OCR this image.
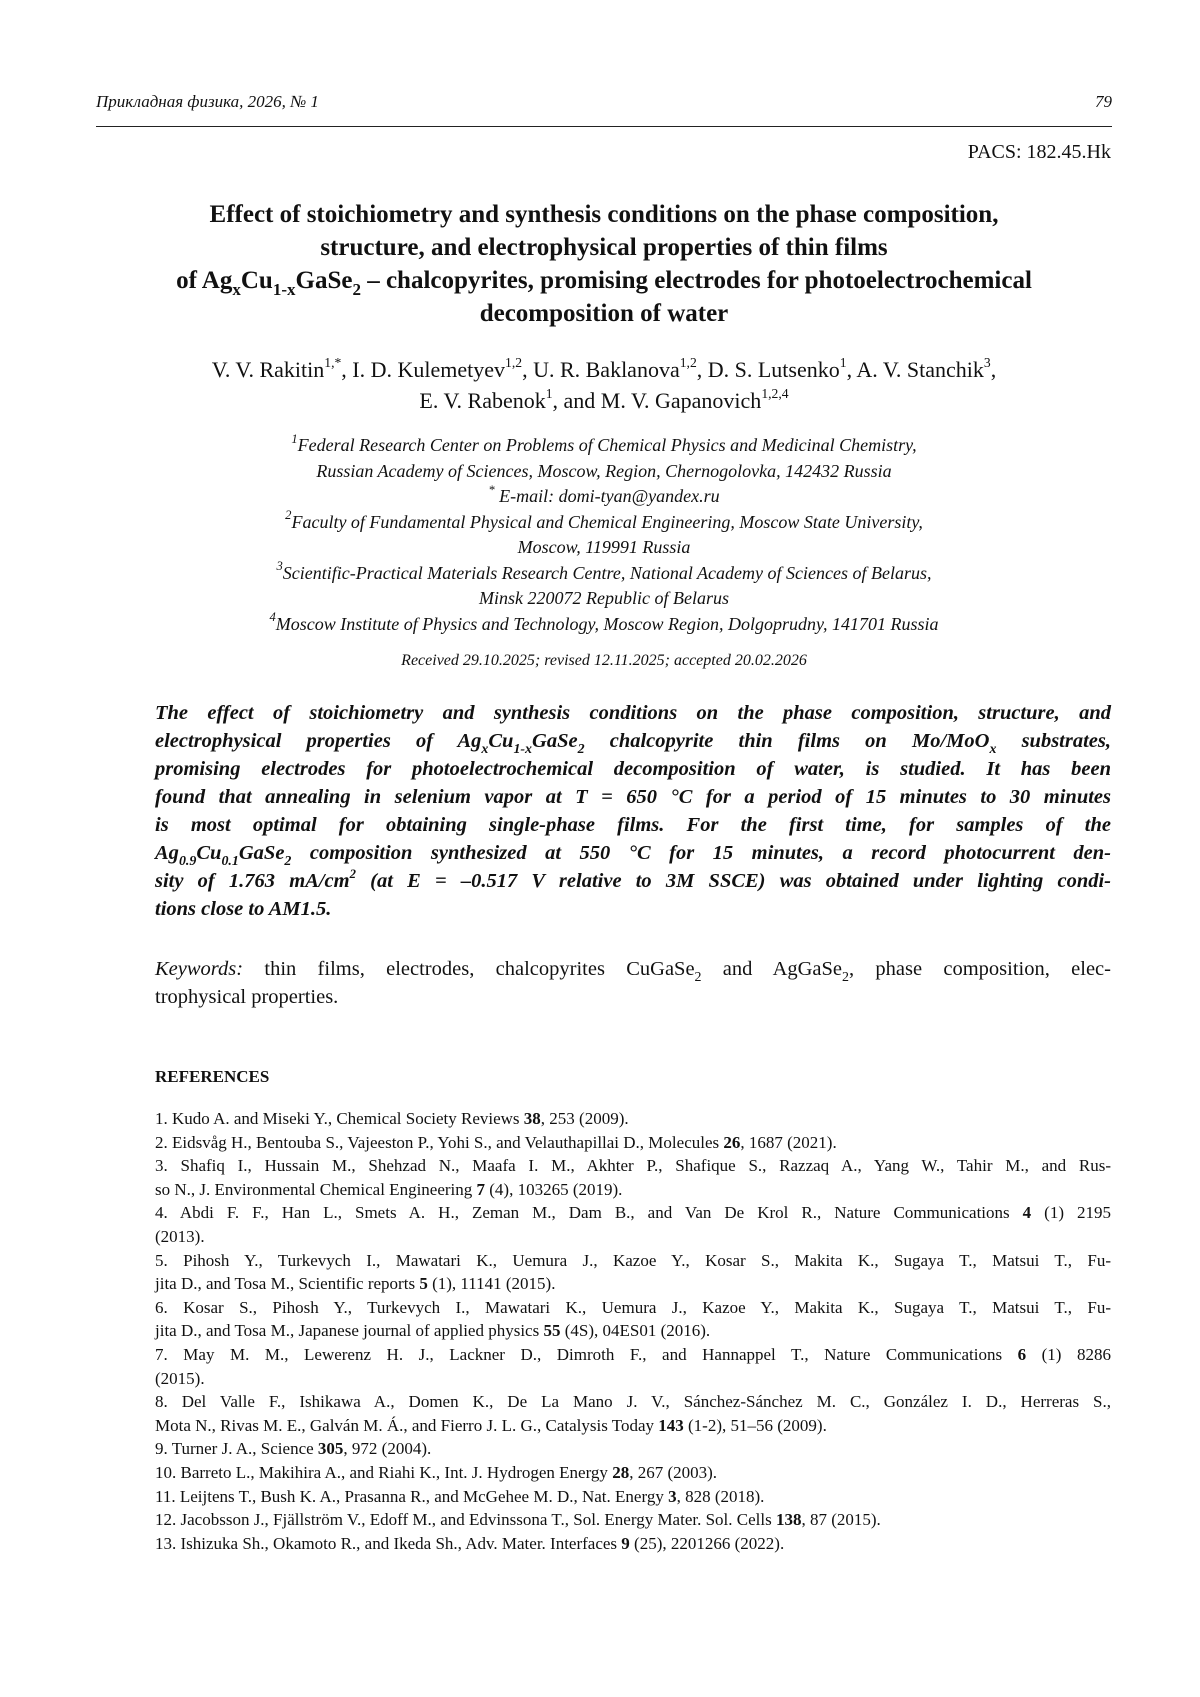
Прикладная физика, 2026, № 1	79
PACS: 182.45.Hk
Effect of stoichiometry and synthesis conditions on the phase composition,
structure, and electrophysical properties of thin films
of $Ag_xCu_{1-x}GaSe_2$ – chalcopyrites, promising electrodes for photoelectrochemical
decomposition of water
V. V. Rakitin$^{1,*}$, I. D. Kulemetyev$^{1,2}$, U. R. Baklanova$^{1,2}$, D. S. Lutsenko$^1$, A. V. Stanchik$^3$,
E. V. Rabenok$^1$, and M. V. Gapanovich$^{1,2,4}$
$^1$Federal Research Center on Problems of Chemical Physics and Medicinal Chemistry,
Russian Academy of Sciences, Moscow, Region, Chernogolovka, 142432 Russia
* E-mail: domi-tyan@yandex.ru
$^2$Faculty of Fundamental Physical and Chemical Engineering, Moscow State University,
Moscow, 119991 Russia
$^3$Scientific-Practical Materials Research Centre, National Academy of Sciences of Belarus,
Minsk 220072 Republic of Belarus
$^4$Moscow Institute of Physics and Technology, Moscow Region, Dolgoprudny, 141701 Russia
Received 29.10.2025; revised 12.11.2025; accepted 20.02.2026
The effect of stoichiometry and synthesis conditions on the phase composition, structure, and
electrophysical properties of $Ag_xCu_{1-x}GaSe_2$ chalcopyrite thin films on Mo/MoO$_x$ substrates,
promising electrodes for photoelectrochemical decomposition of water, is studied. It has been
found that annealing in selenium vapor at T = 650 °C for a period of 15 minutes to 30 minutes
is most optimal for obtaining single-phase films. For the first time, for samples of the
$Ag_{0.9}Cu_{0.1}GaSe_2$ composition synthesized at 550 °C for 15 minutes, a record photocurrent den-
sity of 1.763 $mA/cm^2$ (at E = –0.517 V relative to 3M SSCE) was obtained under lighting condi-
tions close to AM1.5.
Keywords: thin films, electrodes, chalcopyrites CuGaSe$_2$ and AgGaSe$_2$, phase composition, elec-
trophysical properties.
REFERENCES
1. Kudo A. and Miseki Y., Chemical Society Reviews 38, 253 (2009).
2. Eidsvåg H., Bentouba S., Vajeeston P., Yohi S., and Velauthapillai D., Molecules 26, 1687 (2021).
3. Shafiq I., Hussain M., Shehzad N., Maafa I. M., Akhter P., Shafique S., Razzaq A., Yang W., Tahir M., and Rus-
so N., J. Environmental Chemical Engineering 7 (4), 103265 (2019).
4. Abdi F. F., Han L., Smets A. H., Zeman M., Dam B., and Van De Krol R., Nature Communications 4 (1) 2195
(2013).
5. Pihosh Y., Turkevych I., Mawatari K., Uemura J., Kazoe Y., Kosar S., Makita K., Sugaya T., Matsui T., Fu-
jita D., and Tosa M., Scientific reports 5 (1), 11141 (2015).
6. Kosar S., Pihosh Y., Turkevych I., Mawatari K., Uemura J., Kazoe Y., Makita K., Sugaya T., Matsui T., Fu-
jita D., and Tosa M., Japanese journal of applied physics 55 (4S), 04ES01 (2016).
7. May M. M., Lewerenz H. J., Lackner D., Dimroth F., and Hannappel T., Nature Communications 6 (1) 8286
(2015).
8. Del Valle F., Ishikawa A., Domen K., De La Mano J. V., Sánchez-Sánchez M. C., González I. D., Herreras S.,
Mota N., Rivas M. E., Galván M. Á., and Fierro J. L. G., Catalysis Today 143 (1-2), 51–56 (2009).
9. Turner J. A., Science 305, 972 (2004).
10. Barreto L., Makihira A., and Riahi K., Int. J. Hydrogen Energy 28, 267 (2003).
11. Leijtens T., Bush K. A., Prasanna R., and McGehee M. D., Nat. Energy 3, 828 (2018).
12. Jacobsson J., Fjällström V., Edoff M., and Edvinssona T., Sol. Energy Mater. Sol. Cells 138, 87 (2015).
13. Ishizuka Sh., Okamoto R., and Ikeda Sh., Adv. Mater. Interfaces 9 (25), 2201266 (2022).
